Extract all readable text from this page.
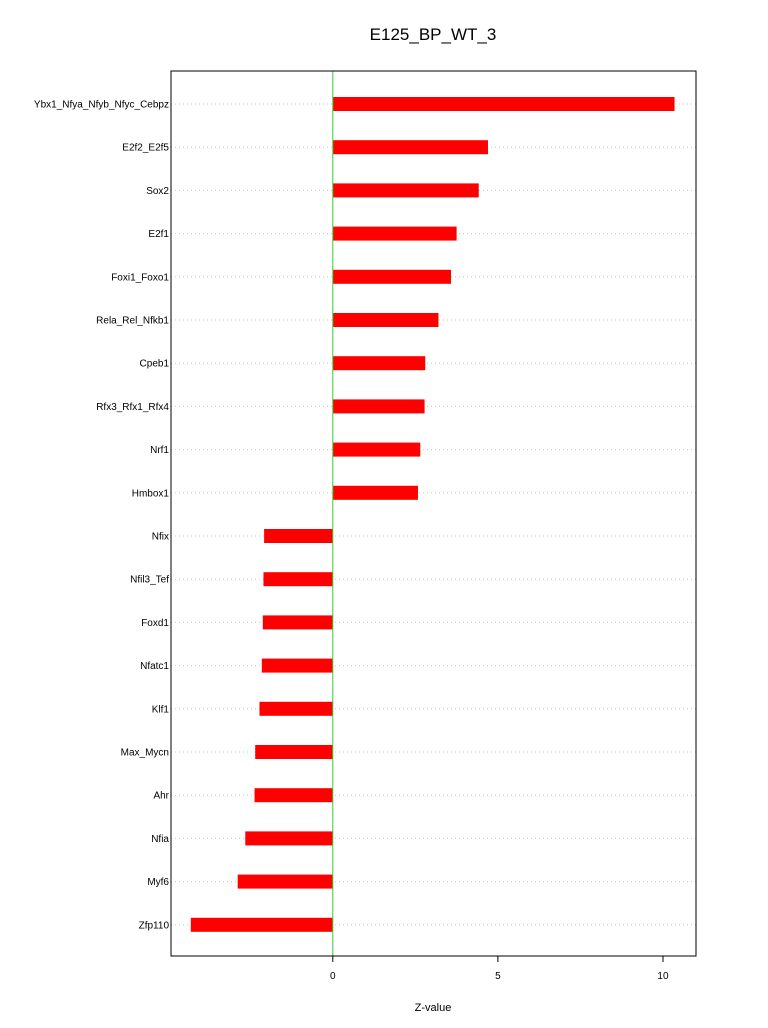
E125_BP_WT_3
Ybx1_Nfya_Nfyb_Nfyc_Cebpz
E2f2_E2f5
Sox2
E2f1
Foxi1_Foxo1
Rela_Rel_Nfkb1
Cpeb1
Rfx3_Rfx1_Rfx4
Nrf1
Hmbox1
Nfix
Nfil3_Tef
Foxd1
Nfatc1
Klf1
Max_Mycn
Ahr
Nfia
Myf6
Zfp110
0	5	10
Z-value
